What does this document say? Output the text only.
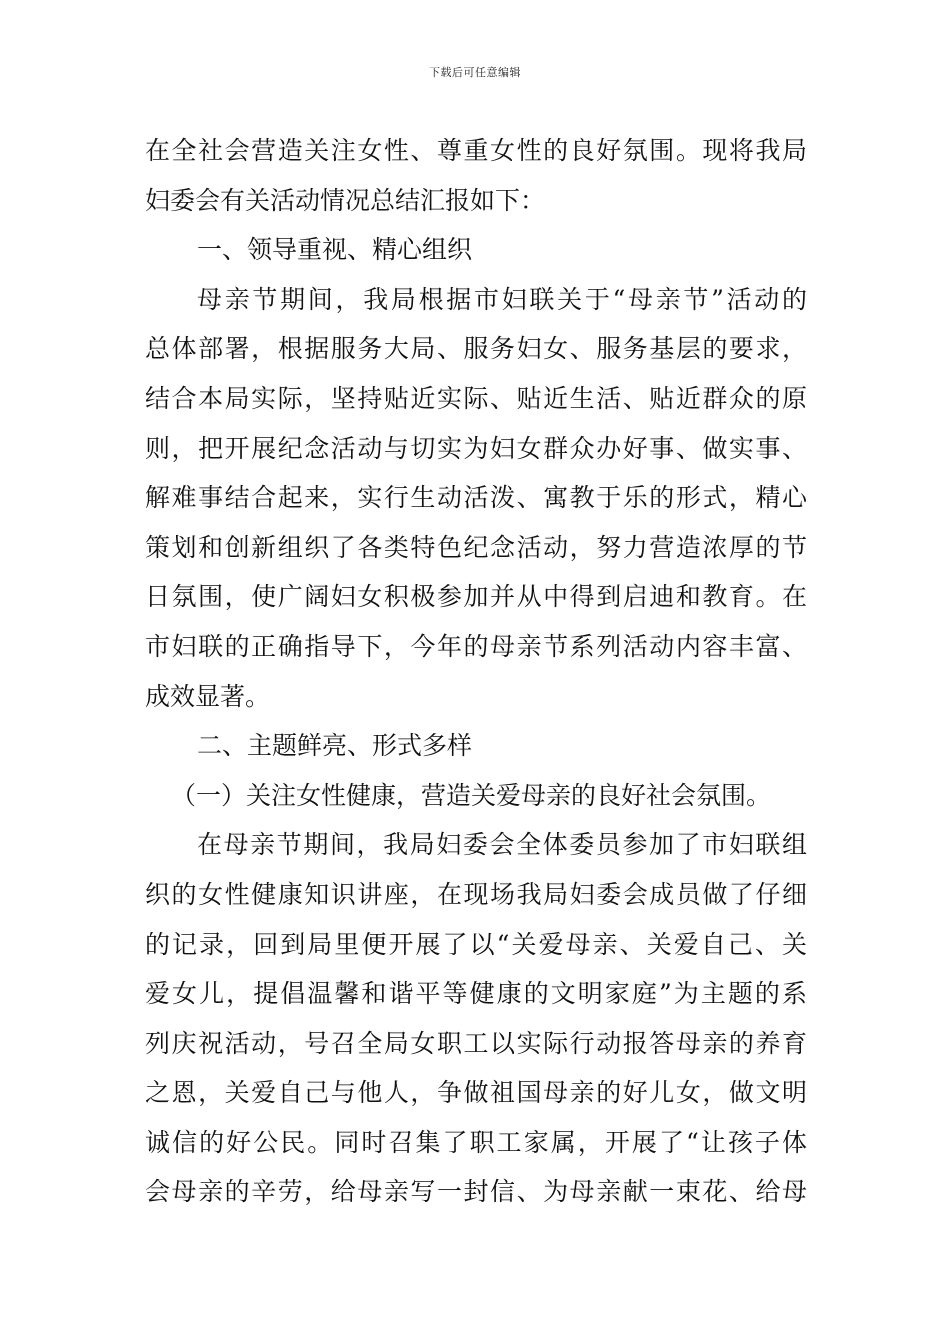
下载后可任意编辑
在全社会营造关注女性、尊重女性的良好氛围。现将我局
妇委会有关活动情况总结汇报如下：
一、领导重视、精心组织
母亲节期间，我局根据市妇联关于“母亲节”活动的
总体部署，根据服务大局、服务妇女、服务基层的要求，
结合本局实际，坚持贴近实际、贴近生活、贴近群众的原
则，把开展纪念活动与切实为妇女群众办好事、做实事、
解难事结合起来，实行生动活泼、寓教于乐的形式，精心
策划和创新组织了各类特色纪念活动，努力营造浓厚的节
日氛围，使广阔妇女积极参加并从中得到启迪和教育。在
市妇联的正确指导下，今年的母亲节系列活动内容丰富、
成效显著。
二、主题鲜亮、形式多样
（一）关注女性健康，营造关爱母亲的良好社会氛围。
在母亲节期间，我局妇委会全体委员参加了市妇联组
织的女性健康知识讲座，在现场我局妇委会成员做了仔细
的记录，回到局里便开展了以“关爱母亲、关爱自己、关
爱女儿，提倡温馨和谐平等健康的文明家庭”为主题的系
列庆祝活动，号召全局女职工以实际行动报答母亲的养育
之恩，关爱自己与他人，争做祖国母亲的好儿女，做文明
诚信的好公民。同时召集了职工家属，开展了“让孩子体
会母亲的辛劳，给母亲写一封信、为母亲献一束花、给母
